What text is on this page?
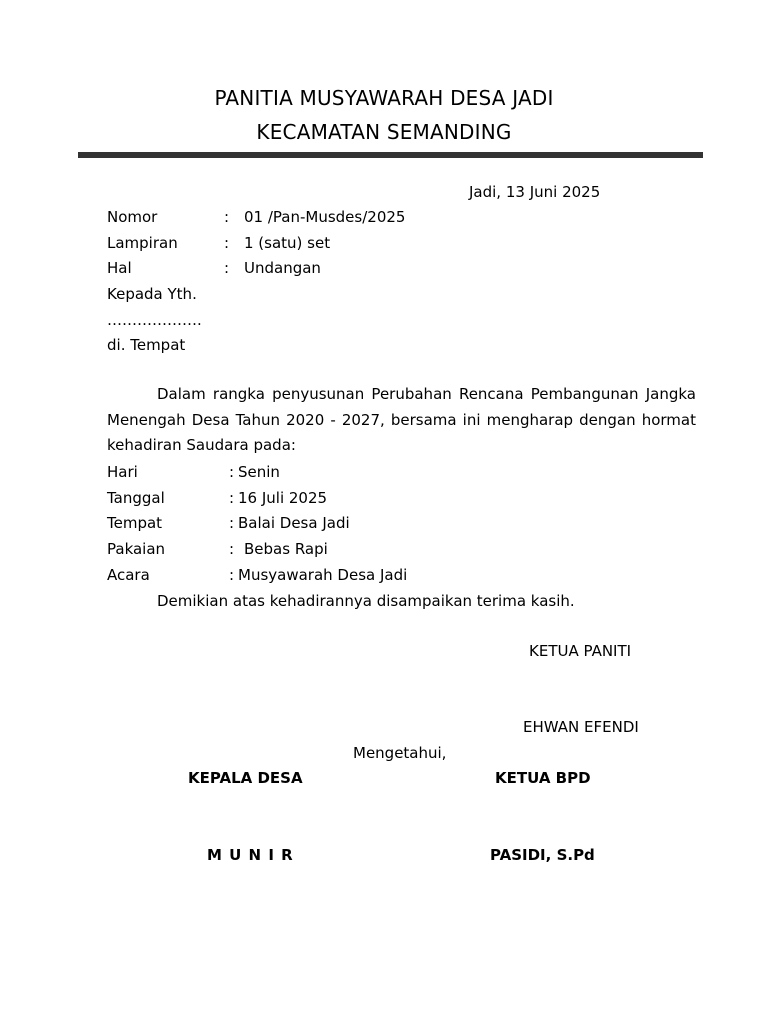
PANITIA MUSYAWARAH DESA JADI
KECAMATAN SEMANDING
Jadi, 13 Juni 2025
Nomor	: 01 /Pan-Musdes/2025
Lampiran	: 1 (satu) set
Hal	: Undangan
Kepada Yth.
……………….
di. Tempat
Dalam rangka penyusunan Perubahan Rencana Pembangunan Jangka Menengah Desa Tahun 2020 - 2027, bersama ini mengharap dengan hormat kehadiran Saudara pada:
Hari	: Senin
Tanggal	: 16 Juli 2025
Tempat	: Balai Desa Jadi
Pakaian	: Bebas Rapi
Acara	: Musyawarah Desa Jadi
Demikian atas kehadirannya disampaikan terima kasih.
KETUA PANITI
EHWAN EFENDI
Mengetahui,
KEPALA DESA	KETUA BPD
M U N I R	PASIDI, S.Pd
